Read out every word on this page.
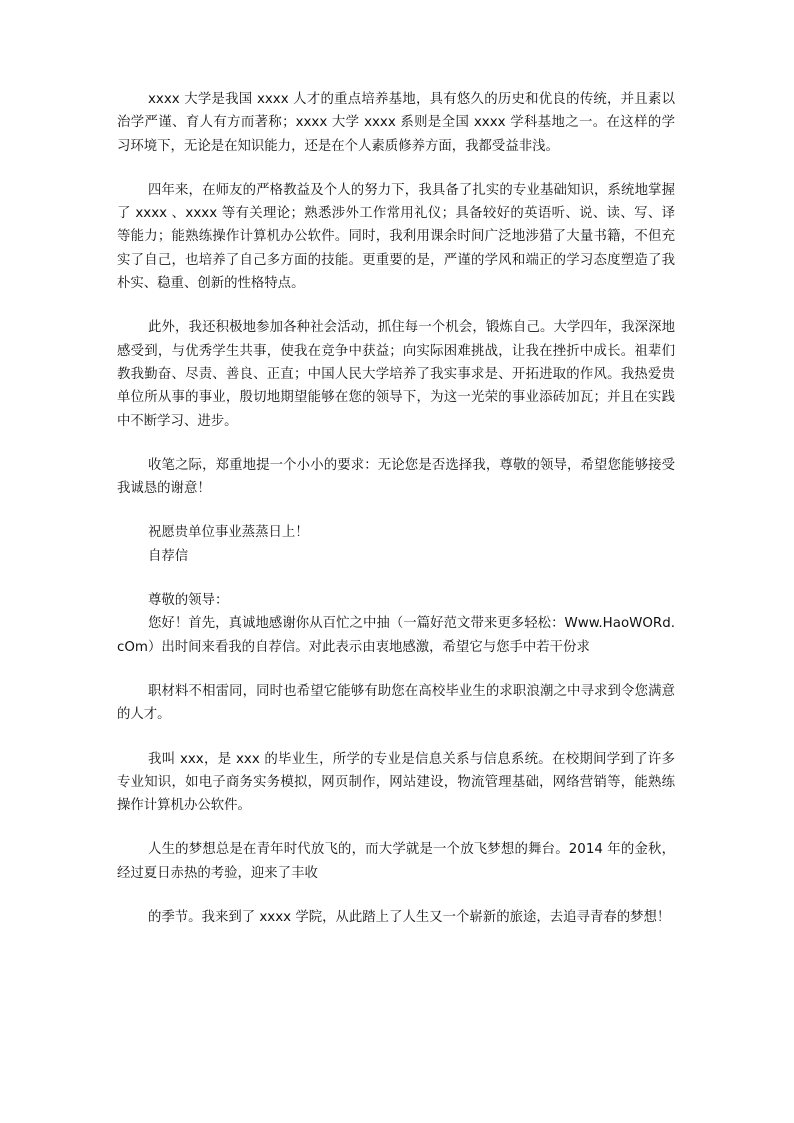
xxxx 大学是我国 xxxx 人才的重点培养基地，具有悠久的历史和优良的传统，并且素以治学严谨、育人有方而著称；xxxx 大学 xxxx 系则是全国 xxxx 学科基地之一。在这样的学习环境下，无论是在知识能力，还是在个人素质修养方面，我都受益非浅。

四年来，在师友的严格教益及个人的努力下，我具备了扎实的专业基础知识，系统地掌握了 xxxx 、xxxx 等有关理论；熟悉涉外工作常用礼仪；具备较好的英语听、说、读、写、译等能力；能熟练操作计算机办公软件。同时，我利用课余时间广泛地涉猎了大量书籍，不但充实了自己，也培养了自己多方面的技能。更重要的是，严谨的学风和端正的学习态度塑造了我朴实、稳重、创新的性格特点。

此外，我还积极地参加各种社会活动，抓住每一个机会，锻炼自己。大学四年，我深深地感受到，与优秀学生共事，使我在竞争中获益；向实际困难挑战，让我在挫折中成长。祖辈们教我勤奋、尽责、善良、正直；中国人民大学培养了我实事求是、开拓进取的作风。我热爱贵单位所从事的事业，殷切地期望能够在您的领导下，为这一光荣的事业添砖加瓦；并且在实践中不断学习、进步。

收笔之际，郑重地提一个小小的要求：无论您是否选择我，尊敬的领导，希望您能够接受我诚恳的谢意！

祝愿贵单位事业蒸蒸日上！

自荐信

尊敬的领导：

您好！首先，真诚地感谢你从百忙之中抽（一篇好范文带来更多轻松：Www.HaoWORd.cOm）出时间来看我的自荐信。对此表示由衷地感激，希望它与您手中若干份求

职材料不相雷同，同时也希望它能够有助您在高校毕业生的求职浪潮之中寻求到令您满意的人才。

我叫 xxx，是 xxx 的毕业生，所学的专业是信息关系与信息系统。在校期间学到了许多专业知识，如电子商务实务模拟，网页制作，网站建设，物流管理基础，网络营销等，能熟练操作计算机办公软件。

人生的梦想总是在青年时代放飞的，而大学就是一个放飞梦想的舞台。2014 年的金秋，经过夏日赤热的考验，迎来了丰收

的季节。我来到了 xxxx 学院，从此踏上了人生又一个崭新的旅途，去追寻青春的梦想！
